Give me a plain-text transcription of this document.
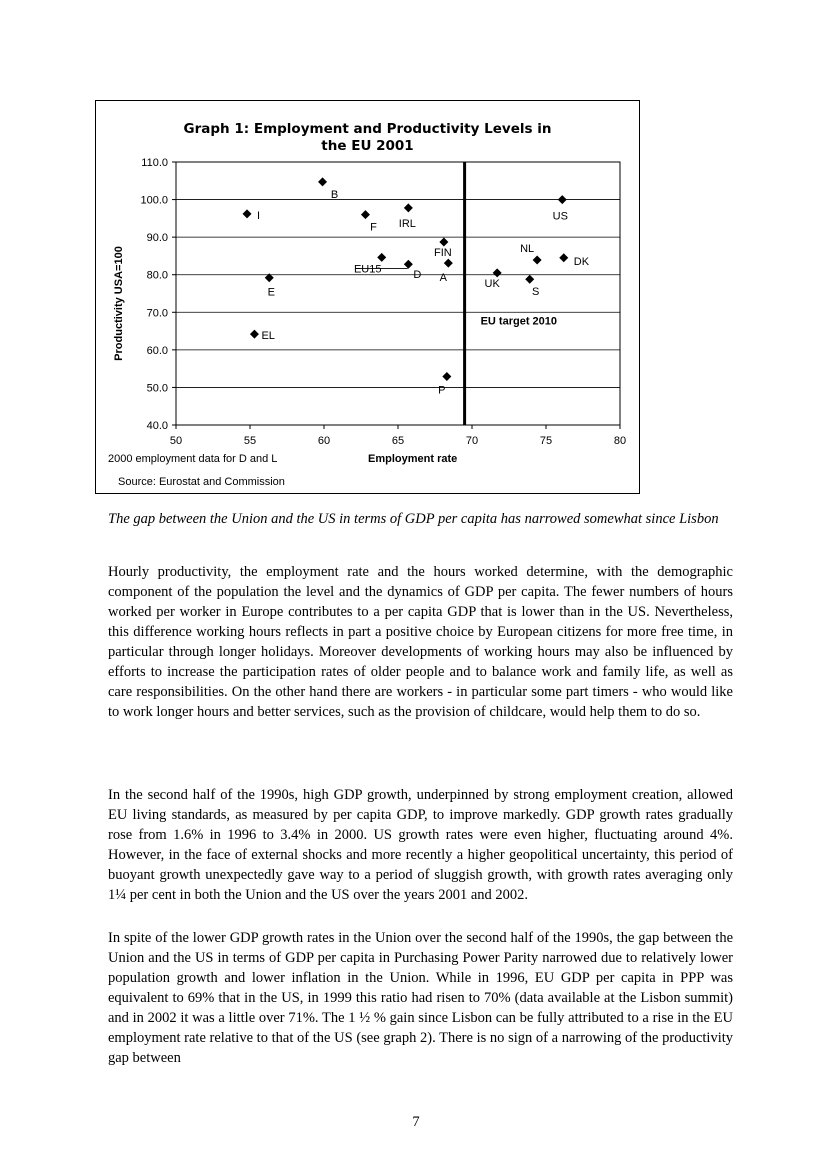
Graph 1: Employment and Productivity Levels in
the EU 2001
40.0
50.0
60.0
70.0
80.0
90.0
100.0
110.0
50	55	60	65	70	75	80
EU target 2010
B
I
F IRL
US
FIN
EU15	D A
NL
DK
E
UK
S
EL
P
Productivity USA=100
2000 employment data for D and L	Employment rate
Source: Eurostat and Commission
The gap between the Union and the US in terms of GDP per capita has narrowed somewhat since Lisbon

Hourly productivity, the employment rate and the hours worked determine, with the demographic component of the population the level and the dynamics of GDP per capita. The fewer numbers of hours worked per worker in Europe contributes to a per capita GDP that is lower than in the US. Nevertheless, this difference working hours reflects in part a positive choice by European citizens for more free time, in particular through longer holidays. Moreover developments of working hours may also be influenced by efforts to increase the participation rates of older people and to balance work and family life, as well as care responsibilities. On the other hand there are workers - in particular some part timers - who would like to work longer hours and better services, such as the provision of childcare, would help them to do so.

In the second half of the 1990s, high GDP growth, underpinned by strong employment creation, allowed EU living standards, as measured by per capita GDP, to improve markedly. GDP growth rates gradually rose from 1.6% in 1996 to 3.4% in 2000. US growth rates were even higher, fluctuating around 4%. However, in the face of external shocks and more recently a higher geopolitical uncertainty, this period of buoyant growth unexpectedly gave way to a period of sluggish growth, with growth rates averaging only 1¼ per cent in both the Union and the US over the years 2001 and 2002.

In spite of the lower GDP growth rates in the Union over the second half of the 1990s, the gap between the Union and the US in terms of GDP per capita in Purchasing Power Parity narrowed due to relatively lower population growth and lower inflation in the Union. While in 1996, EU GDP per capita in PPP was equivalent to 69% that in the US, in 1999 this ratio had risen to 70% (data available at the Lisbon summit) and in 2002 it was a little over 71%. The 1 ½ % gain since Lisbon can be fully attributed to a rise in the EU employment rate relative to that of the US (see graph 2). There is no sign of a narrowing of the productivity gap between

7
